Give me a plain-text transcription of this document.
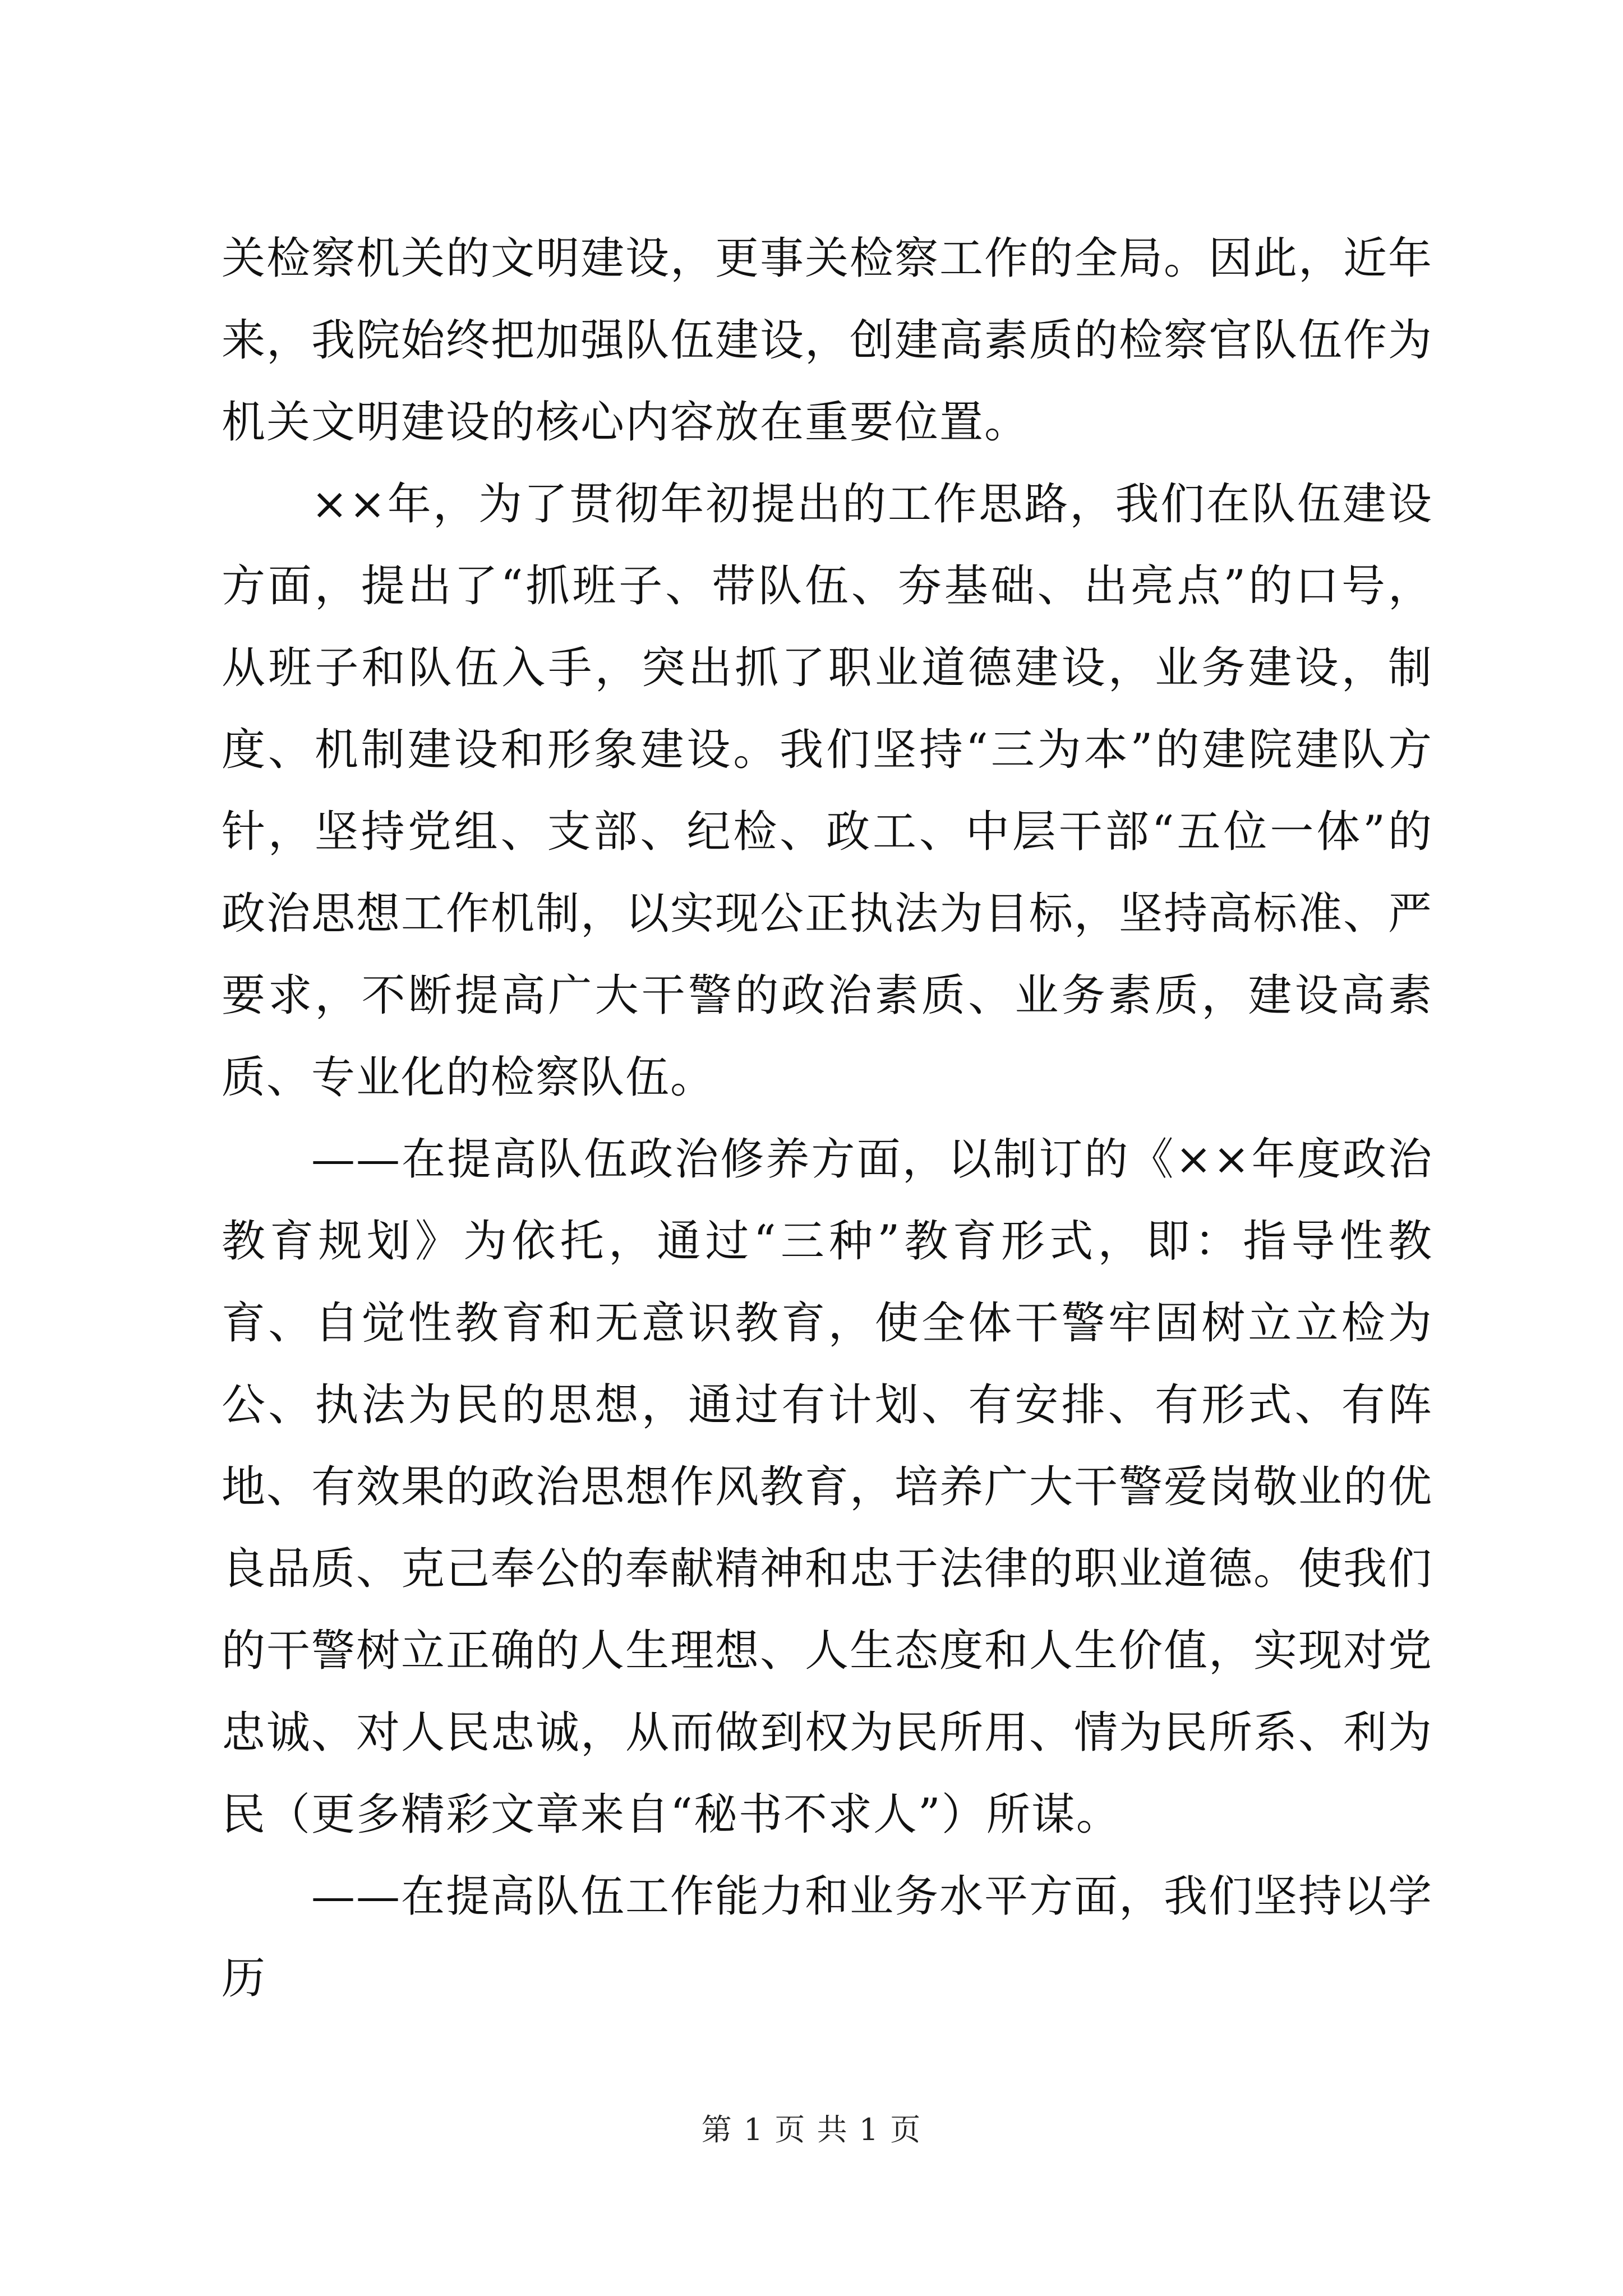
关检察机关的文明建设，更事关检察工作的全局。因此，近年来，我院始终把加强队伍建设，创建高素质的检察官队伍作为机关文明建设的核心内容放在重要位置。

××年，为了贯彻年初提出的工作思路，我们在队伍建设方面，提出了“抓班子、带队伍、夯基础、出亮点”的口号，从班子和队伍入手，突出抓了职业道德建设，业务建设，制度、机制建设和形象建设。我们坚持“三为本”的建院建队方针，坚持党组、支部、纪检、政工、中层干部“五位一体”的政治思想工作机制，以实现公正执法为目标，坚持高标准、严要求，不断提高广大干警的政治素质、业务素质，建设高素质、专业化的检察队伍。

——在提高队伍政治修养方面，以制订的《××年度政治教育规划》为依托，通过“三种”教育形式，即：指导性教育、自觉性教育和无意识教育，使全体干警牢固树立立检为公、执法为民的思想，通过有计划、有安排、有形式、有阵地、有效果的政治思想作风教育，培养广大干警爱岗敬业的优良品质、克己奉公的奉献精神和忠于法律的职业道德。使我们的干警树立正确的人生理想、人生态度和人生价值，实现对党忠诚、对人民忠诚，从而做到权为民所用、情为民所系、利为民（更多精彩文章来自“秘书不求人”）所谋。

——在提高队伍工作能力和业务水平方面，我们坚持以学历

第 1 页 共 1 页
